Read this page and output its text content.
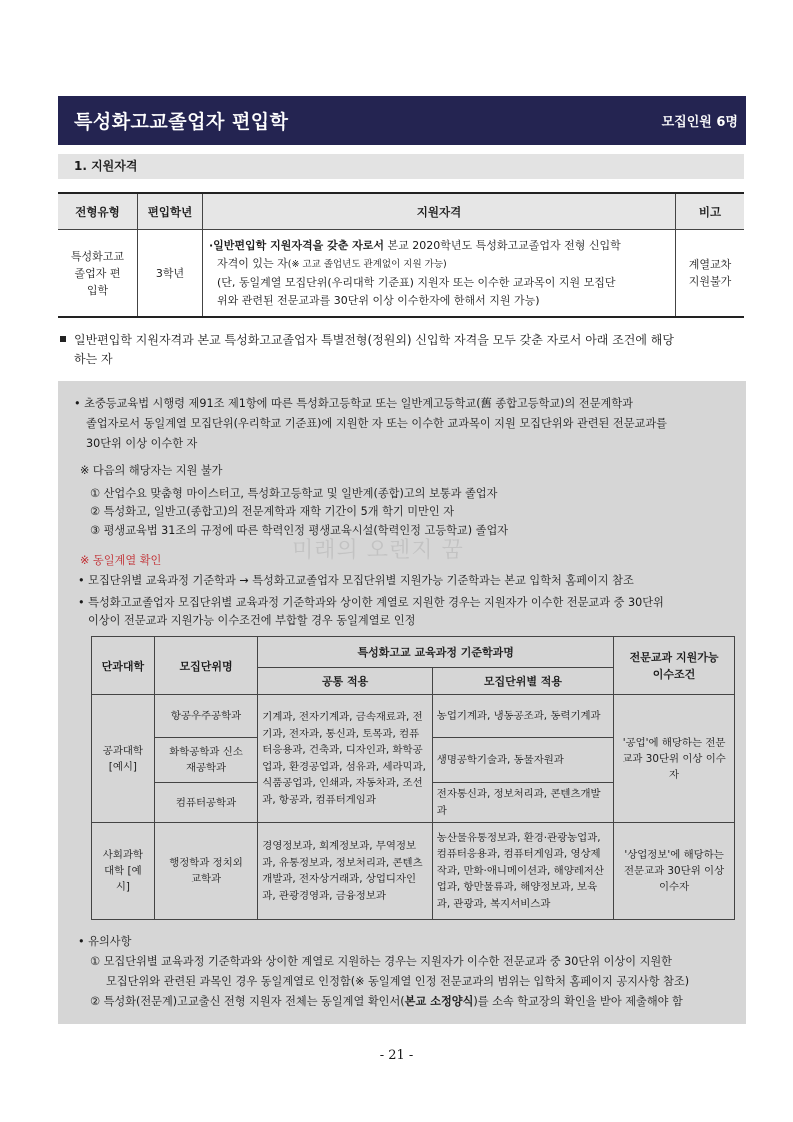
특성화고교졸업자 편입학	모집인원 6명
1. 지원자격
전형유형	편입학년	지원자격	비고
특성화고교 졸업자 편입학	3학년	·일반편입학 지원자격을 갖춘 자로서 본교 2020학년도 특성화고교졸업자 전형 신입학
자격이 있는 자(※ 고교 졸업년도 관계없이 지원 가능)
(단, 동일계열 모집단위(우리대학 기준표) 지원자 또는 이수한 교과목이 지원 모집단
위와 관련된 전문교과를 30단위 이상 이수한자에 한해서 지원 가능)	계열교차 지원불가
일반편입학 지원자격과 본교 특성화고교졸업자 특별전형(정원외) 신입학 자격을 모두 갖춘 자로서 아래 조건에 해당
하는 자
• 초중등교육법 시행령 제91조 제1항에 따른 특성화고등학교 또는 일반계고등학교(舊 종합고등학교)의 전문계학과
졸업자로서 동일계열 모집단위(우리학교 기준표)에 지원한 자 또는 이수한 교과목이 지원 모집단위와 관련된 전문교과를
30단위 이상 이수한 자
※ 다음의 해당자는 지원 불가
① 산업수요 맞춤형 마이스터고, 특성화고등학교 및 일반계(종합)고의 보통과 졸업자
② 특성화고, 일반고(종합고)의 전문계학과 재학 기간이 5개 학기 미만인 자
③ 평생교육법 31조의 규정에 따른 학력인정 평생교육시설(학력인정 고등학교) 졸업자
미래의 오렌지 꿈
※ 동일계열 확인
• 모집단위별 교육과정 기준학과 → 특성화고교졸업자 모집단위별 지원가능 기준학과는 본교 입학처 홈페이지 참조
• 특성화고교졸업자 모집단위별 교육과정 기준학과와 상이한 계열로 지원한 경우는 지원자가 이수한 전문교과 중 30단위
이상이 전문교과 지원가능 이수조건에 부합할 경우 동일계열로 인정
단과대학	모집단위명	특성화고교 교육과정 기준학과명		전문교과 지원가능 이수조건
		공통 적용	모집단위별 적용	
공과대학 [예시]	항공우주공학과	기계과, 전자기계과, 금속재료과, 전기과, 전자과, 통신과, 토목과, 컴퓨터응용과, 건축과, 디자인과, 화학공업과, 환경공업과, 섬유과, 세라믹과, 식품공업과, 인쇄과, 자동차과, 조선과, 항공과, 컴퓨터게임과	농업기계과, 냉동공조과, 동력기계과	'공업'에 해당하는 전문교과 30단위 이상 이수자
	화학공학과 신소재공학과		생명공학기술과, 동물자원과	
	컴퓨터공학과		전자통신과, 정보처리과, 콘텐츠개발과	
사회과학 대학 [예시]	행정학과 정치외교학과	경영정보과, 회계정보과, 무역정보과, 유통정보과, 정보처리과, 콘텐츠 개발과, 전자상거래과, 상업디자인과, 관광경영과, 금융정보과	농산물유통정보과, 환경·관광농업과, 컴퓨터응용과, 컴퓨터게임과, 영상제작과, 만화·애니메이션과, 해양레저산업과, 항만물류과, 해양정보과, 보육과, 관광과, 복지서비스과	'상업정보'에 해당하는 전문교과 30단위 이상 이수자
• 유의사항
① 모집단위별 교육과정 기준학과와 상이한 계열로 지원하는 경우는 지원자가 이수한 전문교과 중 30단위 이상이 지원한
모집단위와 관련된 과목인 경우 동일계열로 인정함(※ 동일계열 인정 전문교과의 범위는 입학처 홈페이지 공지사항 참조)
② 특성화(전문계)고교출신 전형 지원자 전체는 동일계열 확인서(본교 소정양식)를 소속 학교장의 확인을 받아 제출해야 함
- 21 -
